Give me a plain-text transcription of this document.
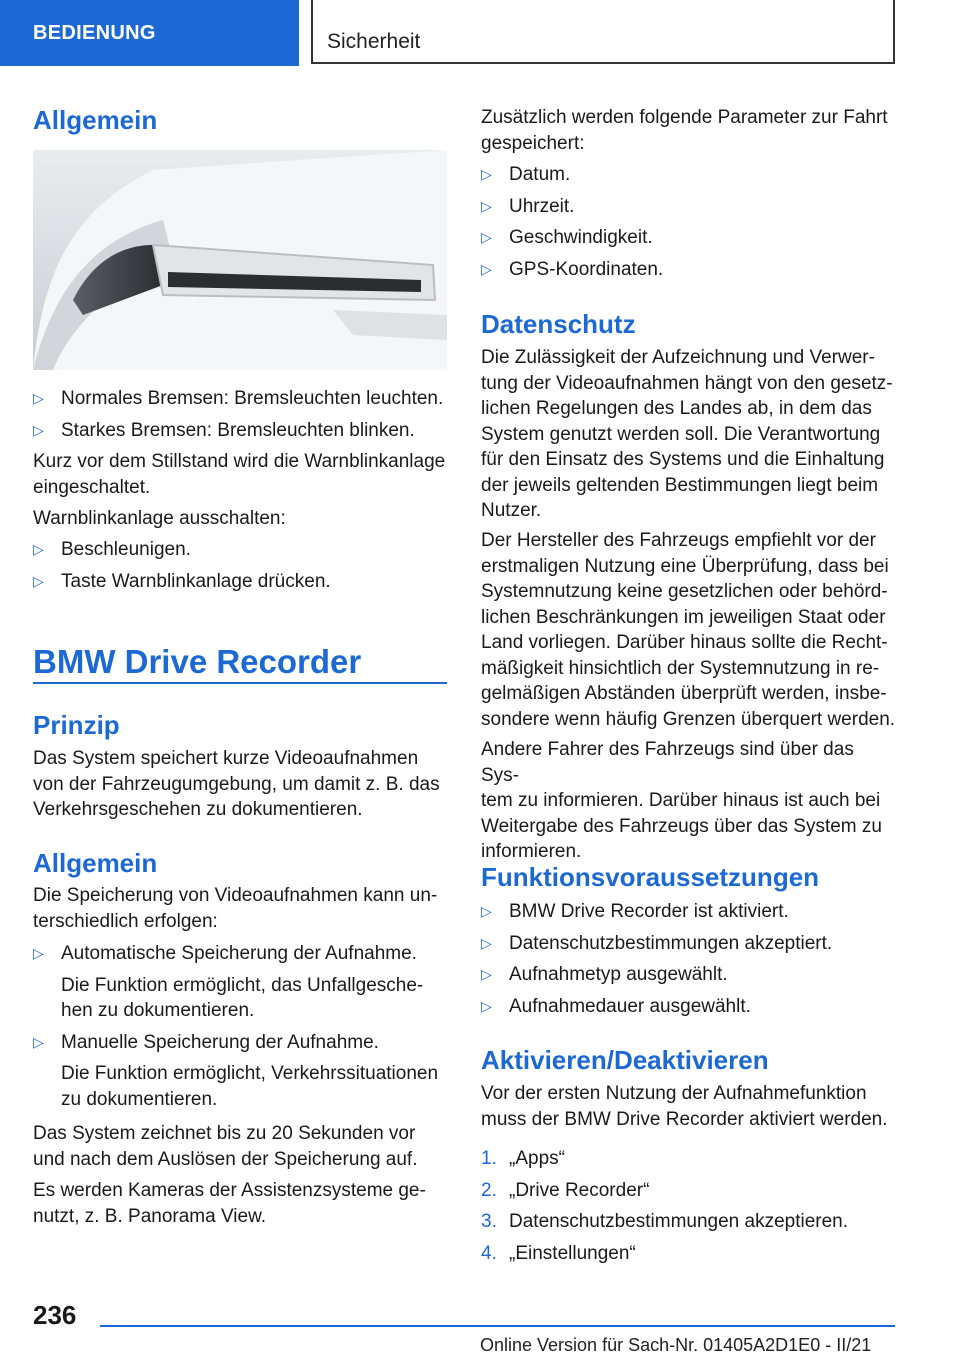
BEDIENUNG	Sicherheit
Allgemein
▷ Normales Bremsen: Bremsleuchten leuchten.
▷ Starkes Bremsen: Bremsleuchten blinken.

Kurz vor dem Stillstand wird die Warnblinkanlage
eingeschaltet.

Warnblinkanlage ausschalten:

▷ Beschleunigen.
▷ Taste Warnblinkanlage drücken.
BMW Drive Recorder
Prinzip

Das System speichert kurze Videoaufnahmen
von der Fahrzeugumgebung, um damit z. B. das
Verkehrsgeschehen zu dokumentieren.

Allgemein

Die Speicherung von Videoaufnahmen kann un-
terschiedlich erfolgen:

▷ Automatische Speicherung der Aufnahme.

Die Funktion ermöglicht, das Unfallgesche-
hen zu dokumentieren.

▷ Manuelle Speicherung der Aufnahme.

Die Funktion ermöglicht, Verkehrssituationen
zu dokumentieren.

Das System zeichnet bis zu 20 Sekunden vor
und nach dem Auslösen der Speicherung auf.

Es werden Kameras der Assistenzsysteme ge-
nutzt, z. B. Panorama View.

Zusätzlich werden folgende Parameter zur Fahrt
gespeichert:

▷ Datum.
▷ Uhrzeit.
▷ Geschwindigkeit.
▷ GPS-Koordinaten.
Datenschutz

Die Zulässigkeit der Aufzeichnung und Verwer-
tung der Videoaufnahmen hängt von den gesetz-
lichen Regelungen des Landes ab, in dem das
System genutzt werden soll. Die Verantwortung
für den Einsatz des Systems und die Einhaltung
der jeweils geltenden Bestimmungen liegt beim
Nutzer.

Der Hersteller des Fahrzeugs empfiehlt vor der
erstmaligen Nutzung eine Überprüfung, dass bei
Systemnutzung keine gesetzlichen oder behörd-
lichen Beschränkungen im jeweiligen Staat oder
Land vorliegen. Darüber hinaus sollte die Recht-
mäßigkeit hinsichtlich der Systemnutzung in re-
gelmäßigen Abständen überprüft werden, insbe-
sondere wenn häufig Grenzen überquert werden.

Andere Fahrer des Fahrzeugs sind über das Sys-
tem zu informieren. Darüber hinaus ist auch bei
Weitergabe des Fahrzeugs über das System zu
informieren.

Funktionsvoraussetzungen
▷ BMW Drive Recorder ist aktiviert.
▷ Datenschutzbestimmungen akzeptiert.
▷ Aufnahmetyp ausgewählt.
▷ Aufnahmedauer ausgewählt.
Aktivieren/Deaktivieren

Vor der ersten Nutzung der Aufnahmefunktion
muss der BMW Drive Recorder aktiviert werden.

1. „Apps“
2. „Drive Recorder“
3. Datenschutzbestimmungen akzeptieren.
4. „Einstellungen“
236
Online Version für Sach-Nr. 01405A2D1E0 - II/21
